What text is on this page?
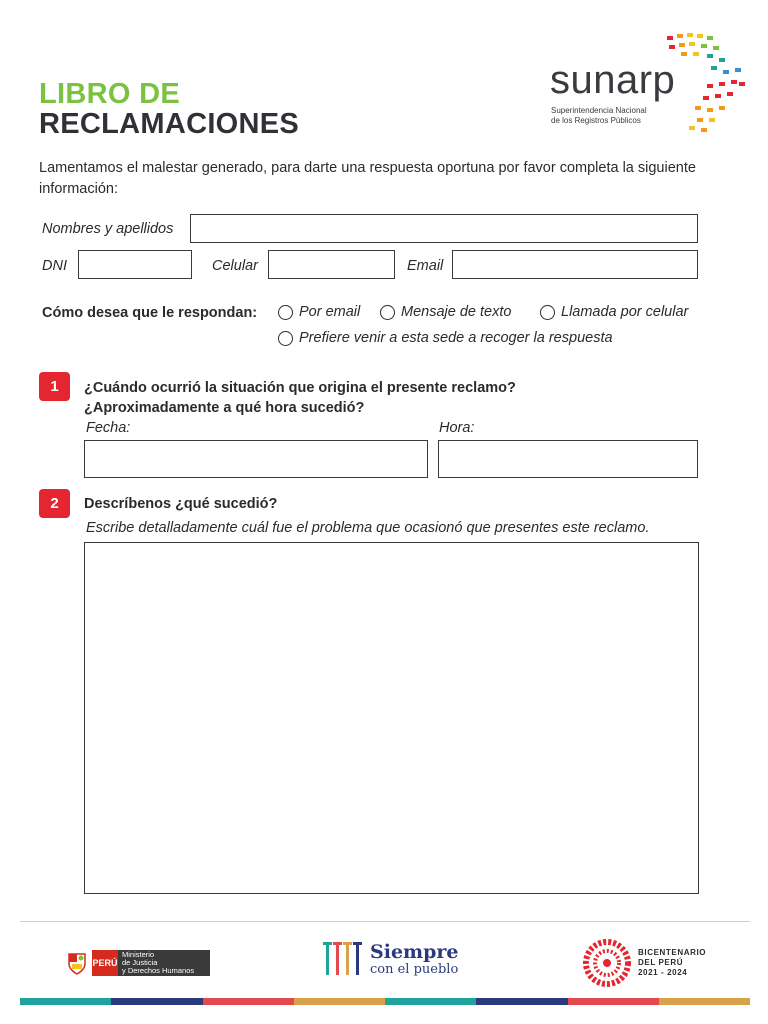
LIBRO DE
RECLAMACIONES
sunarp
Superintendencia Nacional
de los Registros Públicos
Lamentamos el malestar generado, para darte una respuesta oportuna por favor completa la siguiente información:
Nombres y apellidos
DNI	Celular	Email
Cómo desea que le respondan:	Por email	Mensaje de texto	Llamada por celular
Prefiere venir a esta sede a recoger la respuesta
1	¿Cuándo ocurrió la situación que origina el presente reclamo?
¿Aproximadamente a qué hora sucedió?
Fecha:	Hora:
2	Descríbenos ¿qué sucedió?
Escribe detalladamente cuál fue el problema que ocasionó que presentes este reclamo.
PERÚ
Ministerio
de Justicia
y Derechos Humanos
Siempre
con el pueblo
BICENTENARIO
DEL PERÚ
2021 - 2024
